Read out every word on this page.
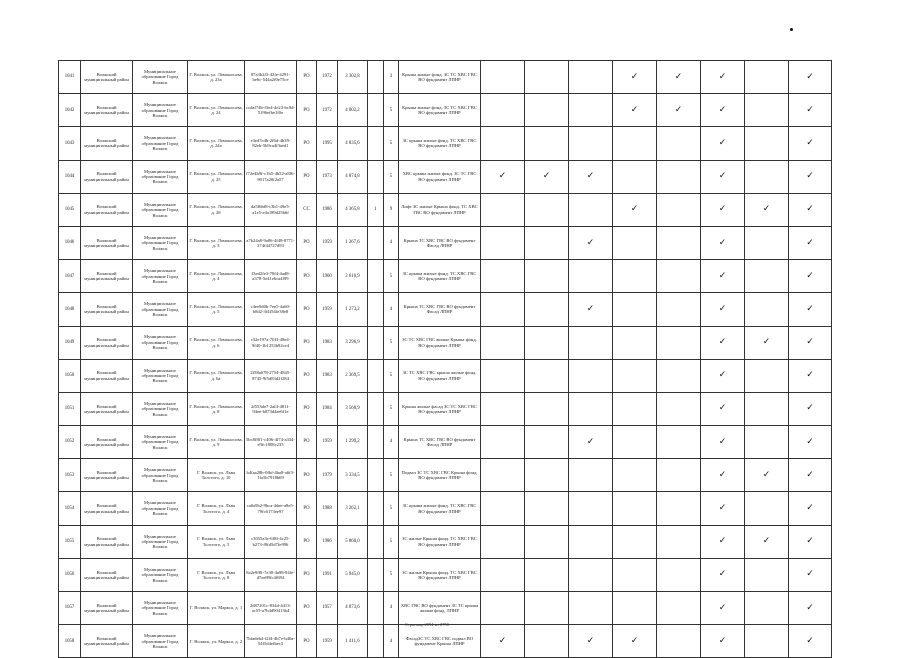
1041	Волжский муниципальный район	Муниципальное образование Город Волжск	Г. Волжск, ул. Ломоносова, д. 23а	87a3b2f3-42fe-4291-be6c-544a2f0e75ce	РО	1972	3 302,8		3	Крыша жилые фонд. ЗС ТС ХВС ГВС ВО фундамент ЛПНР				✓	✓	✓		✓
1042	Волжский муниципальный район	Муниципальное образование Город Волжск	Г. Волжск, ул. Ломоносова, д. 24	ccdaf74b-f3e4-4e23-bc9d-5196efbe1f0e	РО	1972	4 002,2		5	Крыша жилые фонд. ЗС ТС ХВС ГВС ВО фундамент ЛПНР				✓	✓	✓		✓
1043	Волжский муниципальный район	Муниципальное образование Город Волжск	Г. Волжск, ул. Ломоносова, д. 24а	e3ed7e4b-2f6d-4b39-82eb-5b9ca4f3aed1	РО	1995	4 835,6		5	ЗС крыша жилые фонд. ТС ХВС ГВС ВО фундамент ЛПНР						✓		✓
1044	Волжский муниципальный район	Муниципальное образование Город Волжск	Г. Волжск, ул. Ломоносова, д. 25	f72e4b9f-c1b5-4b52-a8f6-8017a20f2a57	РО	1973	4 874,8		5	ХВС крыша жилые фонд. ЗС ТС ГВС ВО фундамент ЛПНР	✓	✓	✓			✓		✓
1045	Волжский муниципальный район	Муниципальное образование Город Волжск	Г. Волжск, ул. Ломоносова, д. 28	da5f6bf8-c3b1-49e5-a1e5-e4a189d25b6f	СС	1986	4 365,8	1	9	Лифт ЗС жилые Крыша фонд. ТС ХВС ГВС ВО фундамент ЛПНР				✓		✓	✓	✓
1046	Волжский муниципальный район	Муниципальное образование Город Волжск	Г. Волжск, ул. Ломоносова, д. 3	a7b24a8-9a06-4f48-8771-274f44727d93	РО	1959	1 267,6		4	Крыша ТС ХВС ГВС ВО фундамент Фасад ЛПНР			✓			✓		✓
1047	Волжский муниципальный район	Муниципальное образование Город Волжск	Г. Волжск, ул. Ломоносова, д. 4	13ed2fe3-70f4-4ad8-a378-5e41e6ca4f99	РО	1960	2 610,9		5	ЗС крыша жилые фонд. ТС ХВС ГВС ВО фундамент ЛПНР						✓		✓
1048	Волжский муниципальный район	Муниципальное образование Город Волжск	Г. Волжск, ул. Ломоносова, д. 5	c4ee9d0b-7ee5-4a60-b8d2-3f4f54fe38e8	РО	1959	1 273,2		4	Крыша ТС ХВС ГВС ВО фундамент Фасад ЛПНР			✓			✓		✓
1049	Волжский муниципальный район	Муниципальное образование Город Волжск	Г. Волжск, ул. Ломоносова, д. 6	c32e197a-70f3-48e4-9f40-1b1253b92ce4	РО	1983	3 296,9		5	ЗС ТС ХВС ГВС жилые Крыша фонд. ВО фундамент ЛПНР						✓	✓	✓
1050	Волжский муниципальный район	Муниципальное образование Город Волжск	Г. Волжск, ул. Ломоносова, д. 6а	2f58a678-2754-4845-8745-9f5d83d2f284	РО	1983	2 369,5		5	ЗС ТС ХВС ГВС крыша жилые фонд. ВО фундамент ЛПНР						✓		✓
1051	Волжский муниципальный район	Муниципальное образование Город Волжск	Г. Волжск, ул. Ломоносова, д. 8	2f553de7-2af4-4811-94ee-b073d4ae6f1e	РО	1984	3 560,9		5	Крыша жилые фасад ЗС ТС ХВС ГВС ВО фундамент ЛПНР						✓		✓
1052	Волжский муниципальный район	Муниципальное образование Город Волжск	Г. Волжск, ул. Ломоносова, д. 9	5bc8f8f1-c406-4f74-a334-e9fc1808c235	РО	1959	1 299,2		4	Крыша ТС ХВС ГВС ВО фундамент Фасад ЛПНР			✓			✓		✓
1053	Волжский муниципальный район	Муниципальное образование Город Волжск	Г. Волжск, ул. Льва Толстого, д. 10	b4faa28b-0fbf-4ba8-a6f3-1fa5b7918b69	РО	1979	3 334,5		5	Подвал ЗС ТС ХВС ГВС Крыша фонд. ВО фундамент ЛПНР						✓	✓	✓
1054	Волжский муниципальный район	Муниципальное образование Город Волжск	Г. Волжск, ул. Льва Толстого, д. 4	ca0a9b2-9bca-4dee-a8e5-79fc6173ee97	РО	1988	3 262,1		5	ЗС крыша жилые фонд. ТС ХВС ГВС ВО фундамент ЛПНР						✓		✓
1055	Волжский муниципальный район	Муниципальное образование Город Волжск	Г. Волжск, ул. Льва Толстого, д. 5	c3055a3e-6f8f-4c25-b273-f9fd5d7fe996	РО	1986	5 860,0		5	ЗС жилые Крыша фонд. ТС ХВС ГВС ВО фундамент ЛПНР						✓	✓	✓
1056	Волжский муниципальный район	Муниципальное образование Город Волжск	Г. Волжск, ул. Льва Толстого, д. 8	8a2e9f8f-7e30-4a98-94fe-d7ee89fc4f694	РО	1991	5 945,0		5	ЗС жилые Крыша фонд. ТС ХВС ГВС ВО фундамент ЛПНР						✓		✓
1057	Волжский муниципальный район	Муниципальное образование Город Волжск	Г. Волжск, ул. Маркса, д. 1	2d87201c-834d-4413-ac55-a7b4d90413b4	РО	1957	4 873,6		4	ХВС ГВС ВО фундамент ЗС ТС крыша жилые фонд. ЛПНР						✓		✓
1058	Волжский муниципальный район	Муниципальное образование Город Волжск	Г. Волжск, ул. Маркса, д. 2	7bfadeb4-f2f4-4b7e-b40a-54f5d4efbec5	РО	1959	1 411,6		4	ФасадЗС ТС ХВС ГВС подвал ВО фундамент Крыша ЛПНР	✓		✓	✓		✓		✓
Страница 2094 из 2750
